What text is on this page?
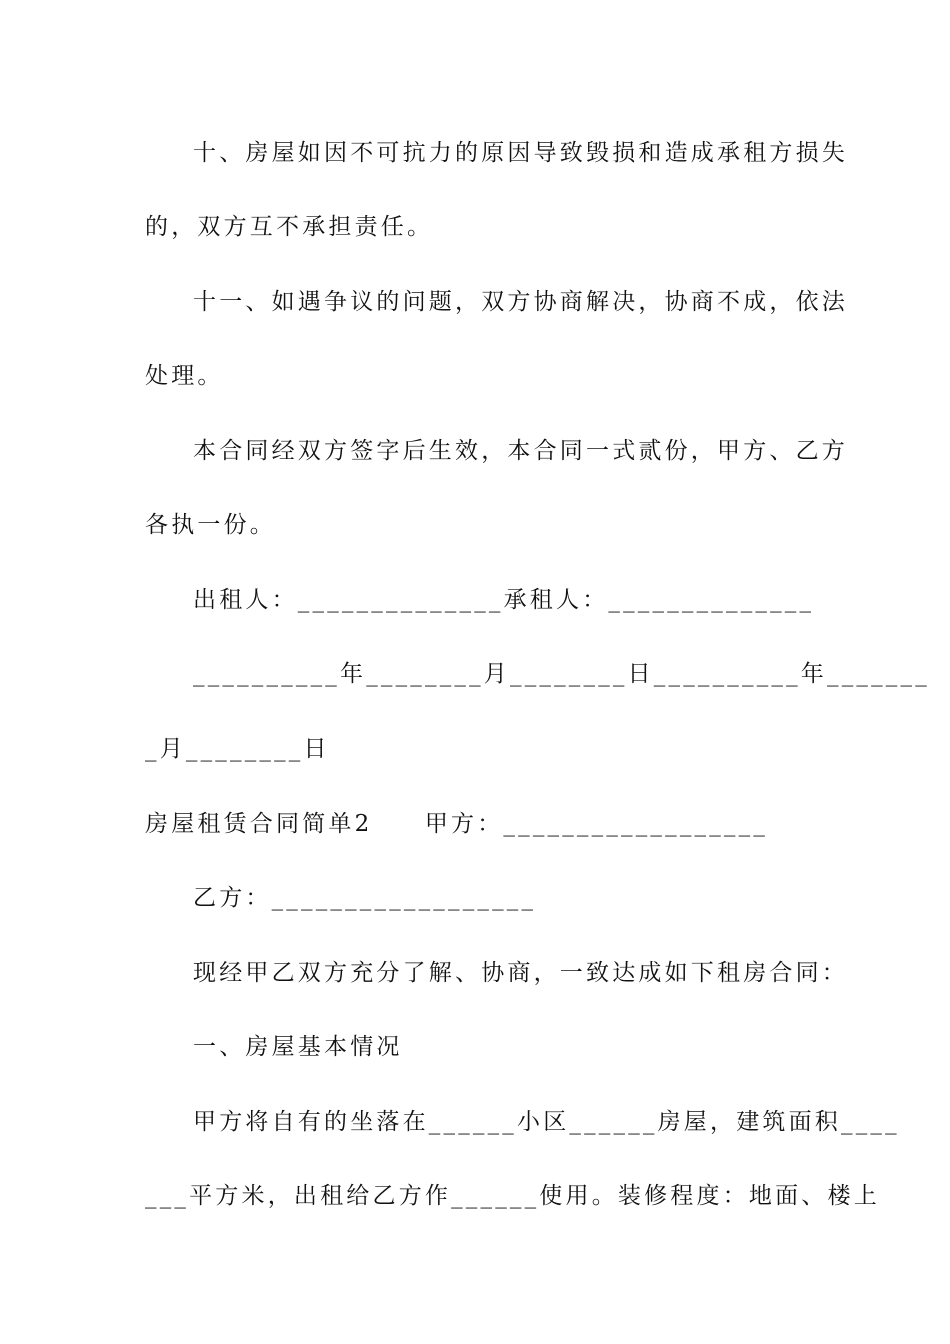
十、房屋如因不可抗力的原因导致毁损和造成承租方损失

的，双方互不承担责任。

十一、如遇争议的问题，双方协商解决，协商不成，依法

处理。

本合同经双方签字后生效，本合同一式贰份，甲方、乙方

各执一份。

出租人：______________承租人：______________

__________年________月________日__________年_______

_月________日

房屋租赁合同简单2　　甲方：__________________

乙方：__________________

现经甲乙双方充分了解、协商，一致达成如下租房合同：

一、房屋基本情况

甲方将自有的坐落在______小区______房屋，建筑面积____

___平方米，出租给乙方作______使用。装修程度：地面、楼上
